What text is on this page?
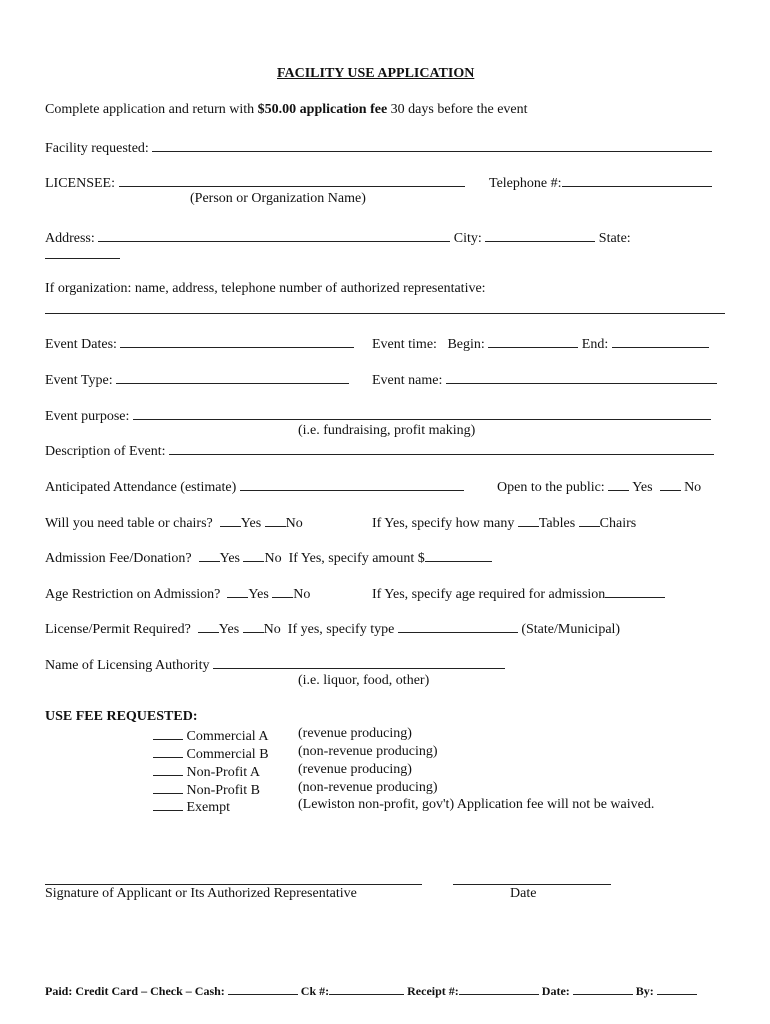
FACILITY USE APPLICATION
Complete application and return with $50.00 application fee 30 days before the event
Facility requested:
LICENSEE:	Telephone #:
(Person or Organization Name)
Address:	City:	State:
If organization: name, address, telephone number of authorized representative:
Event Dates:	Event time: Begin:	End:
Event Type:	Event name:
Event purpose:
(i.e. fundraising, profit making)
Description of Event:
Anticipated Attendance (estimate)	Open to the public: Yes No
Will you need table or chairs? Yes No	If Yes, specify how many Tables Chairs
Admission Fee/Donation? Yes No If Yes, specify amount $
Age Restriction on Admission? Yes No	If Yes, specify age required for admission
License/Permit Required? Yes No If yes, specify type	(State/Municipal)
Name of Licensing Authority
(i.e. liquor, food, other)
USE FEE REQUESTED:
Commercial A (revenue producing)
Commercial B (non-revenue producing)
Non-Profit A	(revenue producing)
Non-Profit B	(non-revenue producing)
Exempt	(Lewiston non-profit, gov't) Application fee will not be waived.
Signature of Applicant or Its Authorized Representative	Date
Paid: Credit Card – Check – Cash:	Ck #:	Receipt #:	Date:	By:
